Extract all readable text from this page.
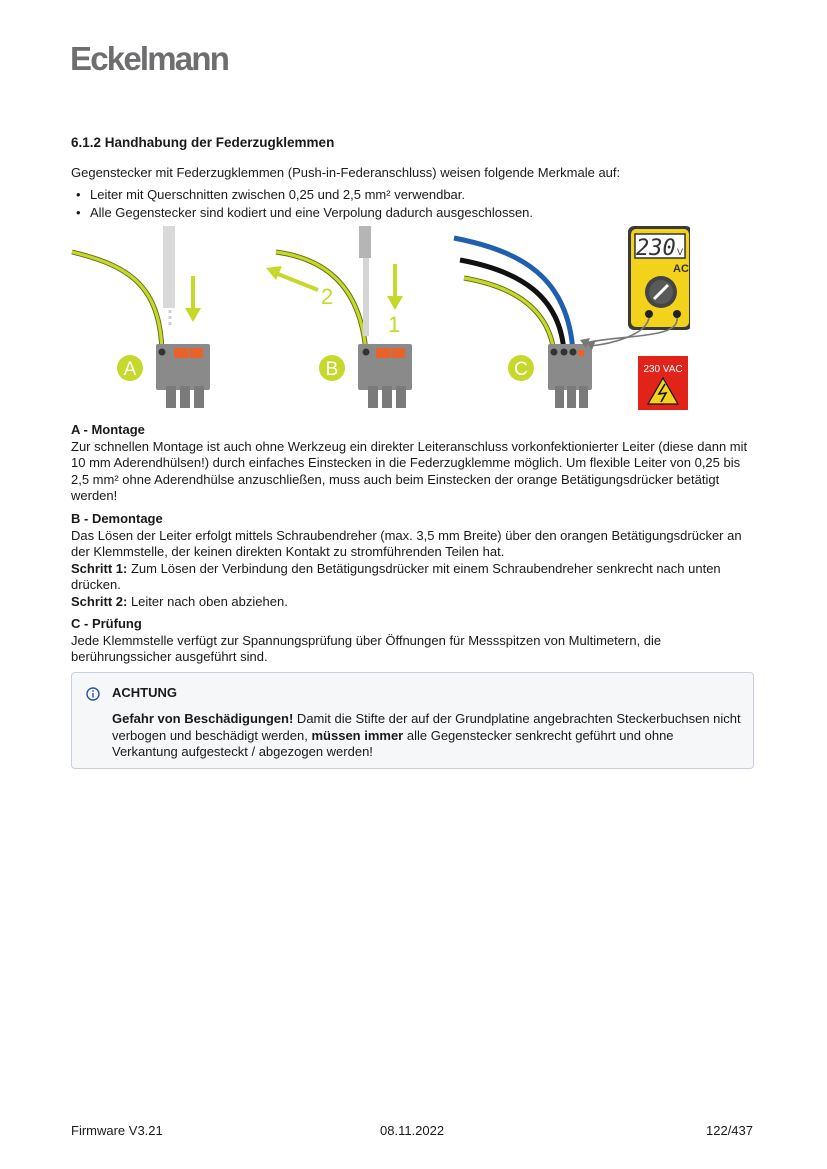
Eckelmann
6.1.2 Handhabung der Federzugklemmen
Gegenstecker mit Federzugklemmen (Push-in-Federanschluss) weisen folgende Merkmale auf:
• Leiter mit Querschnitten zwischen 0,25 und 2,5 mm² verwendbar.
• Alle Gegenstecker sind kodiert und eine Verpolung dadurch ausgeschlossen.
A
1
2
B	C
230 V
AC
230 VAC
A - Montage
Zur schnellen Montage ist auch ohne Werkzeug ein direkter Leiteranschluss vorkonfektionierter Leiter (diese dann mit 10 mm Aderendhülsen!) durch einfaches Einstecken in die Federzugklemme möglich. Um flexible Leiter von 0,25 bis 2,5 mm² ohne Aderendhülse anzuschließen, muss auch beim Einstecken der orange Betätigungsdrücker betätigt werden!
B - Demontage
Das Lösen der Leiter erfolgt mittels Schraubendreher (max. 3,5 mm Breite) über den orangen Betätigungsdrücker an der Klemmstelle, der keinen direkten Kontakt zu stromführenden Teilen hat.
Schritt 1: Zum Lösen der Verbindung den Betätigungsdrücker mit einem Schraubendreher senkrecht nach unten drücken.
Schritt 2: Leiter nach oben abziehen.
C - Prüfung
Jede Klemmstelle verfügt zur Spannungsprüfung über Öffnungen für Messspitzen von Multimetern, die berührungssicher ausgeführt sind.
ACHTUNG
Gefahr von Beschädigungen! Damit die Stifte der auf der Grundplatine angebrachten Steckerbuchsen nicht verbogen und beschädigt werden, müssen immer alle Gegenstecker senkrecht geführt und ohne Verkantung aufgesteckt / abgezogen werden!
Firmware V3.21	08.11.2022	122/437
